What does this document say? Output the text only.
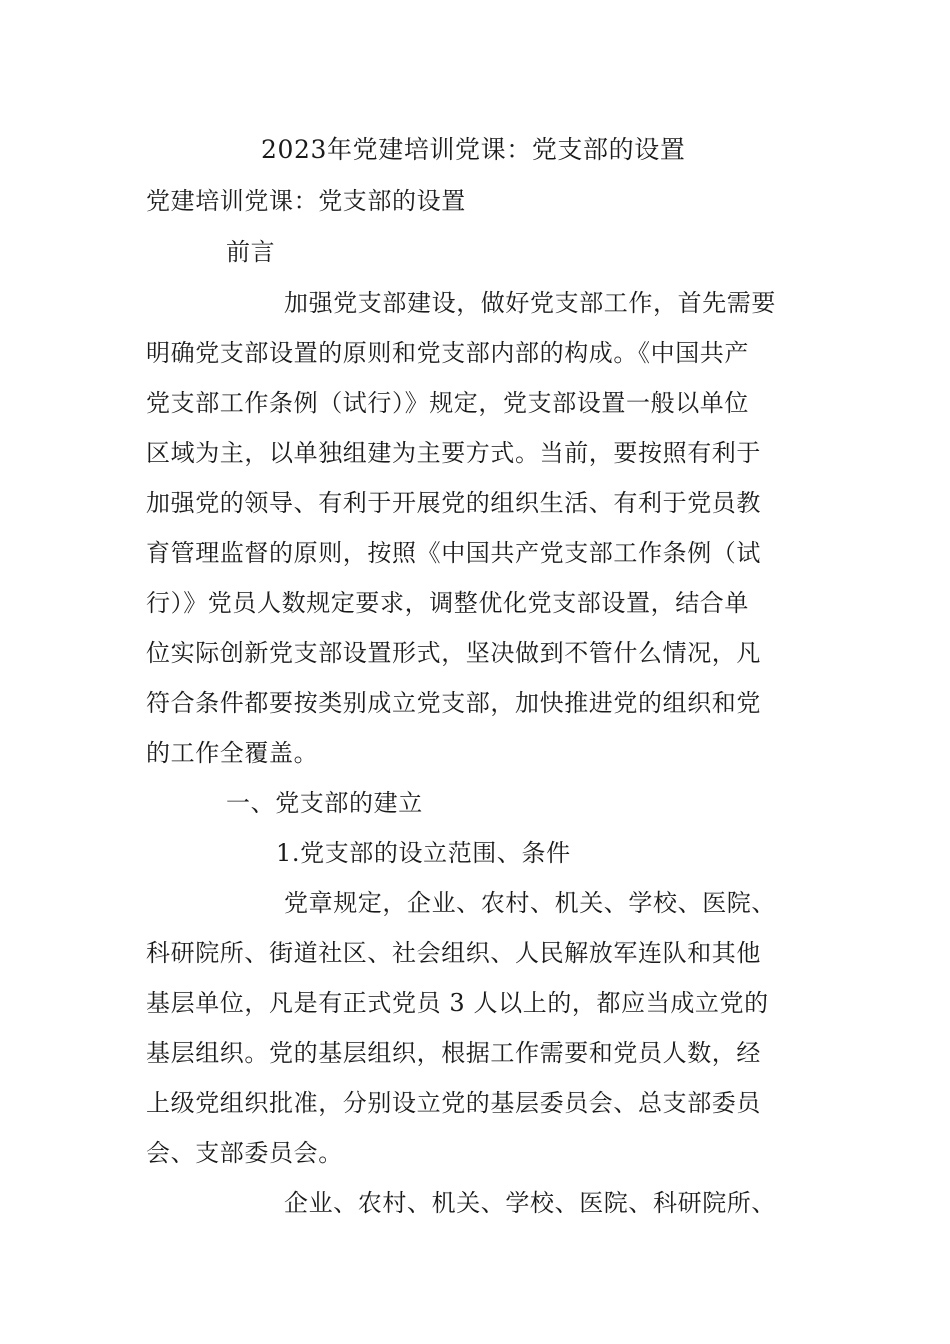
2023年党建培训党课：党支部的设置
党建培训党课：党支部的设置
前言
加强党支部建设，做好党支部工作，首先需要
明确党支部设置的原则和党支部内部的构成。《中国共产
党支部工作条例（试行）》规定，党支部设置一般以单位
区域为主，以单独组建为主要方式。当前，要按照有利于
加强党的领导、有利于开展党的组织生活、有利于党员教
育管理监督的原则，按照《中国共产党支部工作条例（试
行）》党员人数规定要求，调整优化党支部设置，结合单
位实际创新党支部设置形式，坚决做到不管什么情况，凡
符合条件都要按类别成立党支部，加快推进党的组织和党
的工作全覆盖。
一、党支部的建立
1.党支部的设立范围、条件
党章规定，企业、农村、机关、学校、医院、
科研院所、街道社区、社会组织、人民解放军连队和其他
基层单位，凡是有正式党员 3 人以上的，都应当成立党的
基层组织。党的基层组织，根据工作需要和党员人数，经
上级党组织批准，分别设立党的基层委员会、总支部委员
会、支部委员会。
企业、农村、机关、学校、医院、科研院所、
